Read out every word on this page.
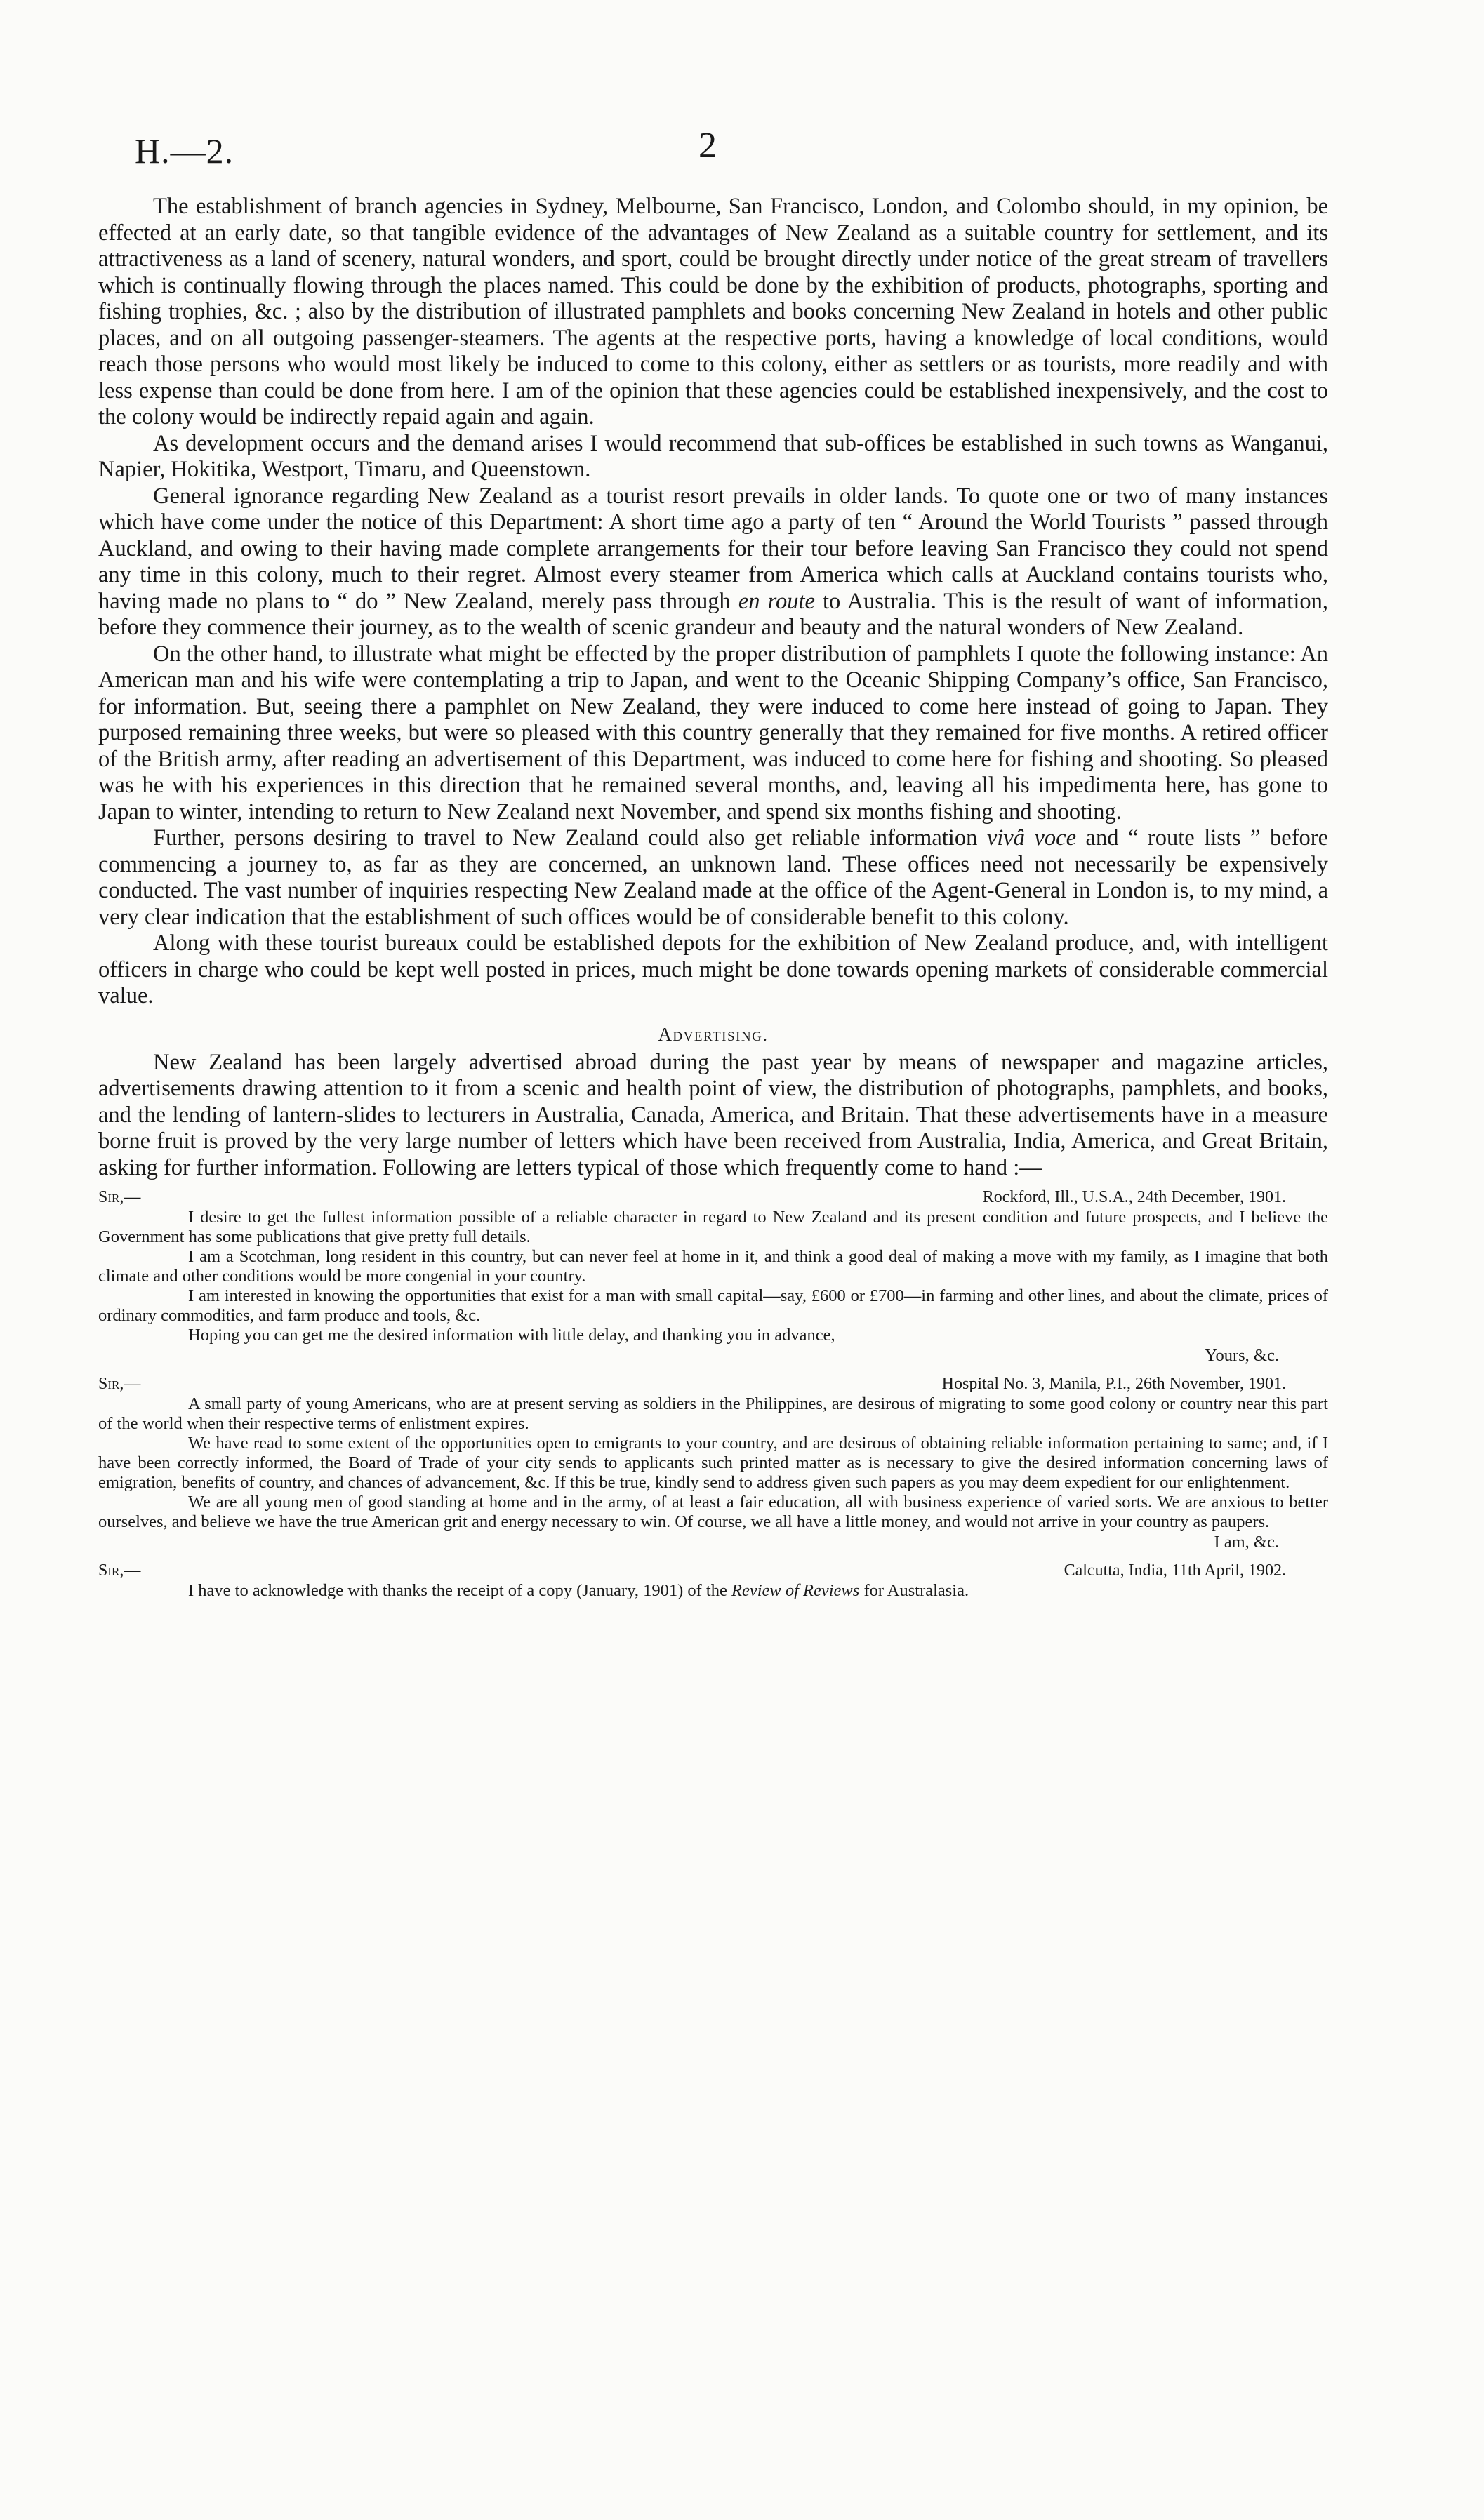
H.—2.	2

The establishment of branch agencies in Sydney, Melbourne, San Francisco, London, and Colombo should, in my opinion, be effected at an early date, so that tangible evidence of the advantages of New Zealand as a suitable country for settlement, and its attractiveness as a land of scenery, natural wonders, and sport, could be brought directly under notice of the great stream of travellers which is continually flowing through the places named. This could be done by the exhibition of products, photographs, sporting and fishing trophies, &c. ; also by the distribution of illustrated pamphlets and books concerning New Zealand in hotels and other public places, and on all outgoing passenger-steamers. The agents at the respective ports, having a knowledge of local conditions, would reach those persons who would most likely be induced to come to this colony, either as settlers or as tourists, more readily and with less expense than could be done from here. I am of the opinion that these agencies could be established inexpensively, and the cost to the colony would be indirectly repaid again and again.

As development occurs and the demand arises I would recommend that sub-offices be established in such towns as Wanganui, Napier, Hokitika, Westport, Timaru, and Queenstown.

General ignorance regarding New Zealand as a tourist resort prevails in older lands. To quote one or two of many instances which have come under the notice of this Department: A short time ago a party of ten “ Around the World Tourists ” passed through Auckland, and owing to their having made complete arrangements for their tour before leaving San Francisco they could not spend any time in this colony, much to their regret. Almost every steamer from America which calls at Auckland contains tourists who, having made no plans to “ do ” New Zealand, merely pass through en route to Australia. This is the result of want of information, before they commence their journey, as to the wealth of scenic grandeur and beauty and the natural wonders of New Zealand.

On the other hand, to illustrate what might be effected by the proper distribution of pamphlets I quote the following instance: An American man and his wife were contemplating a trip to Japan, and went to the Oceanic Shipping Company’s office, San Francisco, for information. But, seeing there a pamphlet on New Zealand, they were induced to come here instead of going to Japan. They purposed remaining three weeks, but were so pleased with this country generally that they remained for five months. A retired officer of the British army, after reading an advertisement of this Department, was induced to come here for fishing and shooting. So pleased was he with his experiences in this direction that he remained several months, and, leaving all his impedimenta here, has gone to Japan to winter, intending to return to New Zealand next November, and spend six months fishing and shooting.

Further, persons desiring to travel to New Zealand could also get reliable information vivâ voce and “ route lists ” before commencing a journey to, as far as they are concerned, an unknown land. These offices need not necessarily be expensively conducted. The vast number of inquiries respecting New Zealand made at the office of the Agent-General in London is, to my mind, a very clear indication that the establishment of such offices would be of considerable benefit to this colony.

Along with these tourist bureaux could be established depots for the exhibition of New Zealand produce, and, with intelligent officers in charge who could be kept well posted in prices, much might be done towards opening markets of considerable commercial value.

Advertising.

New Zealand has been largely advertised abroad during the past year by means of newspaper and magazine articles, advertisements drawing attention to it from a scenic and health point of view, the distribution of photographs, pamphlets, and books, and the lending of lantern-slides to lecturers in Australia, Canada, America, and Britain. That these advertisements have in a measure borne fruit is proved by the very large number of letters which have been received from Australia, India, America, and Great Britain, asking for further information. Following are letters typical of those which frequently come to hand :—

Sir,—	Rockford, Ill., U.S.A., 24th December, 1901.

I desire to get the fullest information possible of a reliable character in regard to New Zealand and its present condition and future prospects, and I believe the Government has some publications that give pretty full details.

I am a Scotchman, long resident in this country, but can never feel at home in it, and think a good deal of making a move with my family, as I imagine that both climate and other conditions would be more congenial in your country.

I am interested in knowing the opportunities that exist for a man with small capital—say, £600 or £700—in farming and other lines, and about the climate, prices of ordinary commodities, and farm produce and tools, &c.

Hoping you can get me the desired information with little delay, and thanking you in advance,

Yours, &c.
Sir,—	Hospital No. 3, Manila, P.I., 26th November, 1901.

A small party of young Americans, who are at present serving as soldiers in the Philippines, are desirous of migrating to some good colony or country near this part of the world when their respective terms of enlistment expires.

We have read to some extent of the opportunities open to emigrants to your country, and are desirous of obtaining reliable information pertaining to same; and, if I have been correctly informed, the Board of Trade of your city sends to applicants such printed matter as is necessary to give the desired information concerning laws of emigration, benefits of country, and chances of advancement, &c. If this be true, kindly send to address given such papers as you may deem expedient for our enlightenment.

We are all young men of good standing at home and in the army, of at least a fair education, all with business experience of varied sorts. We are anxious to better ourselves, and believe we have the true American grit and energy necessary to win. Of course, we all have a little money, and would not arrive in your country as paupers.

I am, &c.
Sir,—	Calcutta, India, 11th April, 1902.

I have to acknowledge with thanks the receipt of a copy (January, 1901) of the Review of Reviews for Australasia.
